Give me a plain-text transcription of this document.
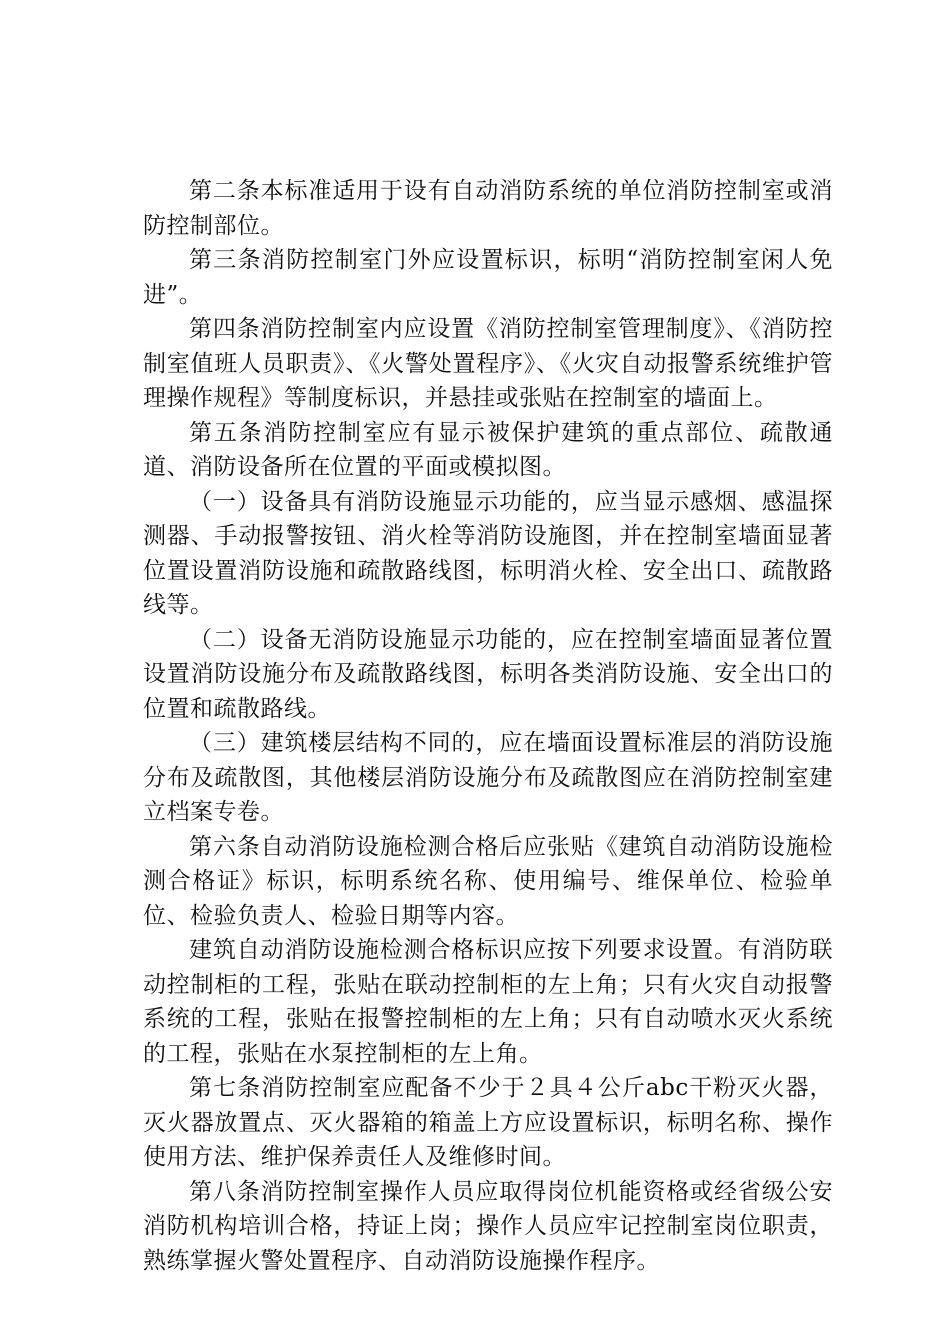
第二条本标准适用于设有自动消防系统的单位消防控制室或消防控制部位。

第三条消防控制室门外应设置标识，标明“消防控制室闲人免进”。

第四条消防控制室内应设置《消防控制室管理制度》、《消防控制室值班人员职责》、《火警处置程序》、《火灾自动报警系统维护管理操作规程》等制度标识，并悬挂或张贴在控制室的墙面上。

第五条消防控制室应有显示被保护建筑的重点部位、疏散通道、消防设备所在位置的平面或模拟图。

（一）设备具有消防设施显示功能的，应当显示感烟、感温探测器、手动报警按钮、消火栓等消防设施图，并在控制室墙面显著位置设置消防设施和疏散路线图，标明消火栓、安全出口、疏散路线等。

（二）设备无消防设施显示功能的，应在控制室墙面显著位置设置消防设施分布及疏散路线图，标明各类消防设施、安全出口的位置和疏散路线。

（三）建筑楼层结构不同的，应在墙面设置标准层的消防设施分布及疏散图，其他楼层消防设施分布及疏散图应在消防控制室建立档案专卷。

第六条自动消防设施检测合格后应张贴《建筑自动消防设施检测合格证》标识，标明系统名称、使用编号、维保单位、检验单位、检验负责人、检验日期等内容。

建筑自动消防设施检测合格标识应按下列要求设置。有消防联动控制柜的工程，张贴在联动控制柜的左上角；只有火灾自动报警系统的工程，张贴在报警控制柜的左上角；只有自动喷水灭火系统的工程，张贴在水泵控制柜的左上角。

第七条消防控制室应配备不少于２具４公斤abc干粉灭火器，灭火器放置点、灭火器箱的箱盖上方应设置标识，标明名称、操作使用方法、维护保养责任人及维修时间。

第八条消防控制室操作人员应取得岗位机能资格或经省级公安消防机构培训合格，持证上岗；操作人员应牢记控制室岗位职责，熟练掌握火警处置程序、自动消防设施操作程序。
